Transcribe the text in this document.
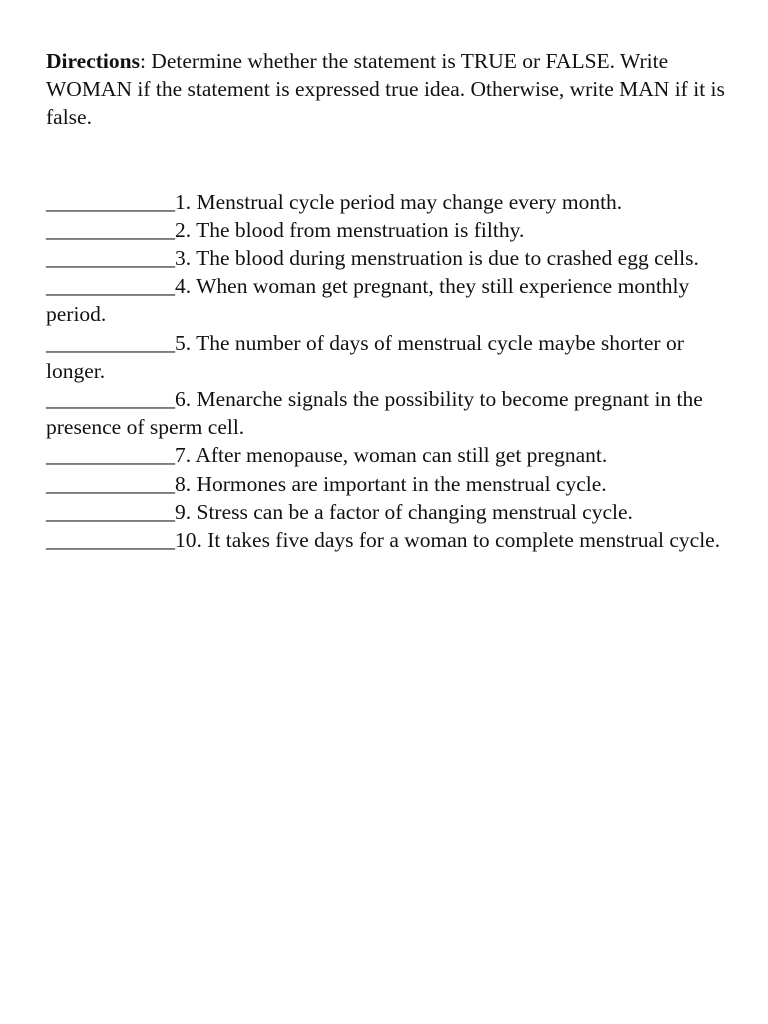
Directions: Determine whether the statement is TRUE or FALSE. Write WOMAN if the statement is expressed true idea. Otherwise, write MAN if it is false.

____________1. Menstrual cycle period may change every month.
____________2. The blood from menstruation is filthy.
____________3. The blood during menstruation is due to crashed egg cells.
____________4. When woman get pregnant, they still experience monthly period.
____________5. The number of days of menstrual cycle maybe shorter or longer.
____________6. Menarche signals the possibility to become pregnant in the presence of sperm cell.
____________7. After menopause, woman can still get pregnant.
____________8. Hormones are important in the menstrual cycle.
____________9. Stress can be a factor of changing menstrual cycle.
____________10. It takes five days for a woman to complete menstrual cycle.
